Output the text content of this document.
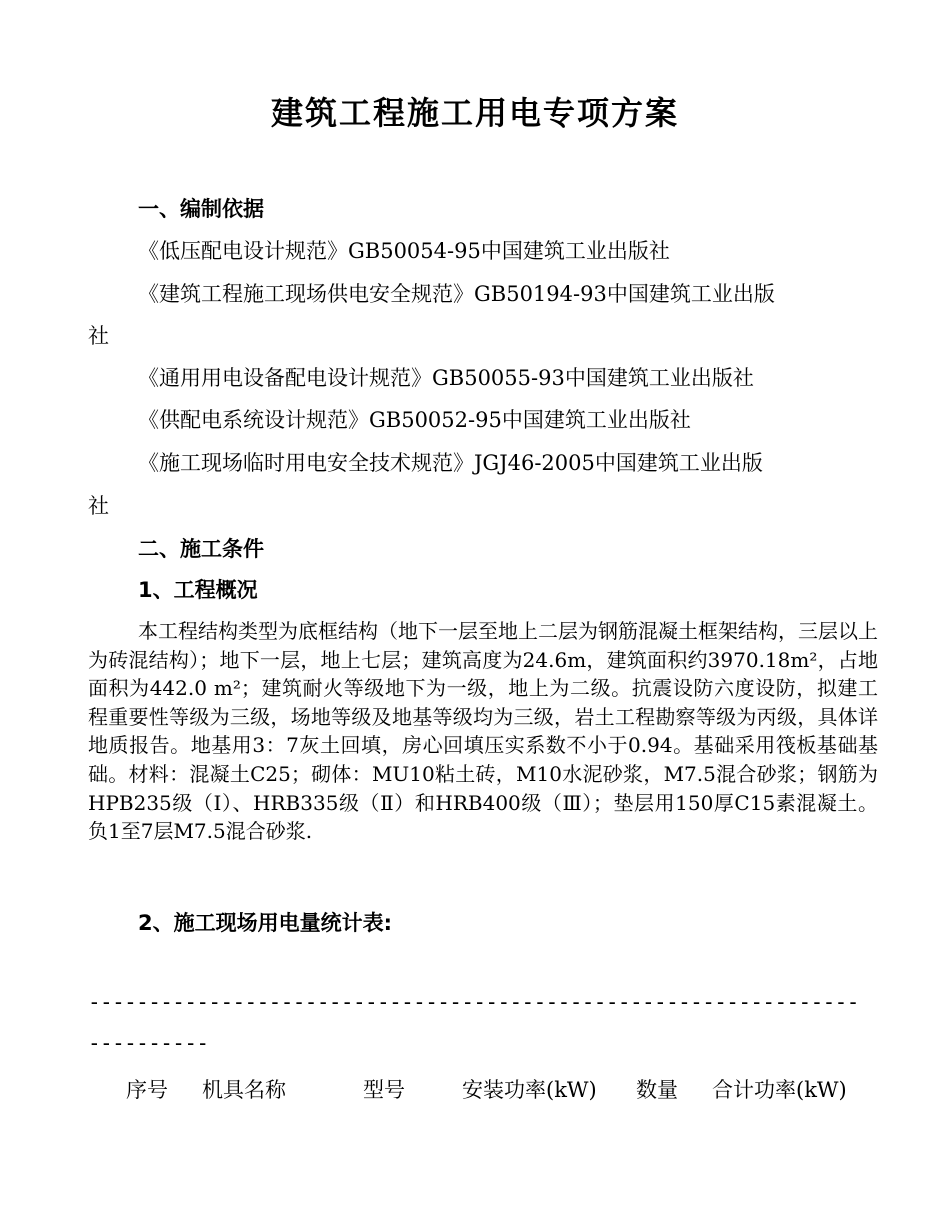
建筑工程施工用电专项方案
一、编制依据
《低压配电设计规范》GB50054-95中国建筑工业出版社
《建筑工程施工现场供电安全规范》GB50194-93中国建筑工业出版
社
《通用用电设备配电设计规范》GB50055-93中国建筑工业出版社
《供配电系统设计规范》GB50052-95中国建筑工业出版社
《施工现场临时用电安全技术规范》JGJ46-2005中国建筑工业出版
社
二、施工条件
1、工程概况
本工程结构类型为底框结构（地下一层至地上二层为钢筋混凝土框架结构，三层以上为砖混结构）；地下一层，地上七层；建筑高度为24.6m，建筑面积约3970.18m²，占地面积为442.0 m²；建筑耐火等级地下为一级，地上为二级。抗震设防六度设防，拟建工程重要性等级为三级，场地等级及地基等级均为三级，岩土工程勘察等级为丙级，具体详地质报告。地基用3：7灰土回填，房心回填压实系数不小于0.94。基础采用筏板基础基础。材料：混凝土C25；砌体：MU10粘土砖，M10水泥砂浆，M7.5混合砂浆；钢筋为HPB235级（Ⅰ）、HRB335级（Ⅱ）和HRB400级（Ⅲ）；垫层用150厚C15素混凝土。负1至7层M7.5混合砂浆.
2、施工现场用电量统计表:
----------------------------------------------------------------
----------
序号 机具名称	型号	安装功率(kW) 数量 合计功率(kW)
